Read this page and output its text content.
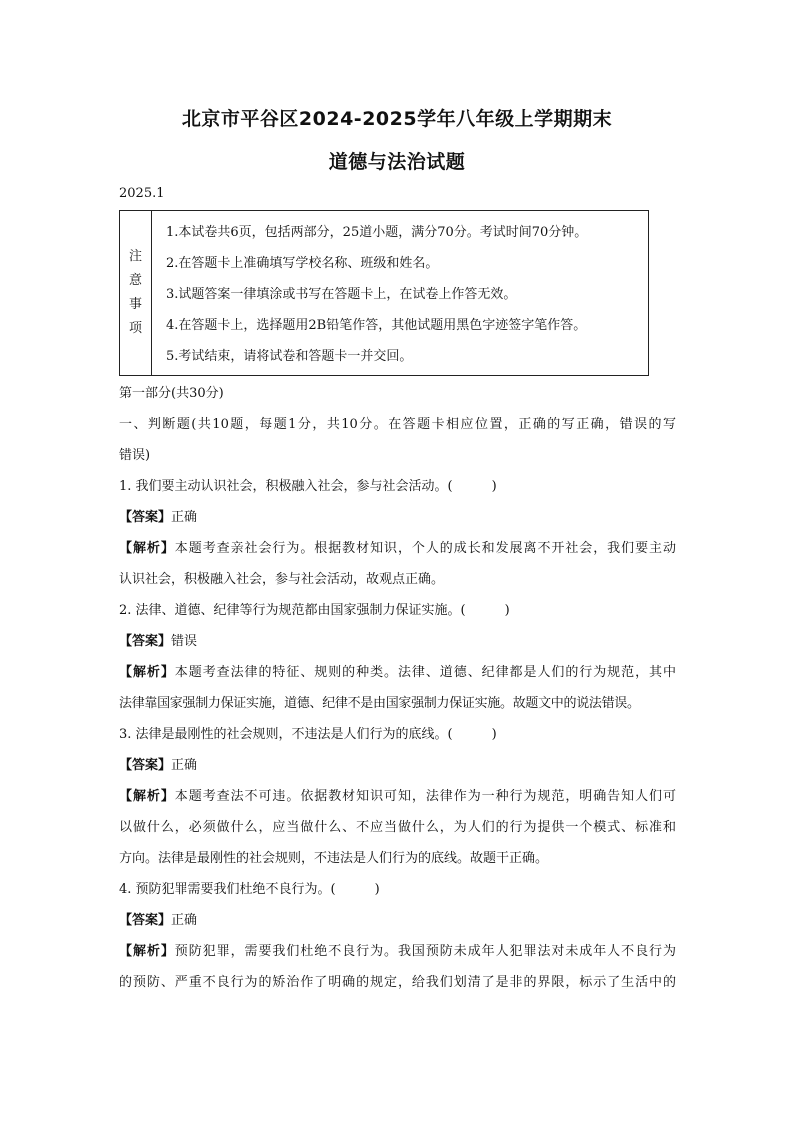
北京市平谷区2024-2025学年八年级上学期期末
道德与法治试题
2025.1
注
意
事
项
1.本试卷共6页，包括两部分，25道小题，满分70分。考试时间70分钟。
2.在答题卡上准确填写学校名称、班级和姓名。
3.试题答案一律填涂或书写在答题卡上，在试卷上作答无效。
4.在答题卡上，选择题用2B铅笔作答，其他试题用黑色字迹签字笔作答。
5.考试结束，请将试卷和答题卡一并交回。
第一部分(共30分)
一、判断题(共10题，每题1分，共10分。在答题卡相应位置，正确的写正确，错误的写
错误)
1. 我们要主动认识社会，积极融入社会，参与社会活动。(　　　)
【答案】正确
【解析】本题考查亲社会行为。根据教材知识，个人的成长和发展离不开社会，我们要主动
认识社会，积极融入社会，参与社会活动，故观点正确。
2. 法律、道德、纪律等行为规范都由国家强制力保证实施。(　　　)
【答案】错误
【解析】本题考查法律的特征、规则的种类。法律、道德、纪律都是人们的行为规范，其中
法律靠国家强制力保证实施，道德、纪律不是由国家强制力保证实施。故题文中的说法错误。
3. 法律是最刚性的社会规则，不违法是人们行为的底线。(　　　)
【答案】正确
【解析】本题考查法不可违。依据教材知识可知，法律作为一种行为规范，明确告知人们可
以做什么，必须做什么，应当做什么、不应当做什么，为人们的行为提供一个模式、标准和
方向。法律是最刚性的社会规则，不违法是人们行为的底线。故题干正确。
4. 预防犯罪需要我们杜绝不良行为。(　　　)
【答案】正确
【解析】预防犯罪，需要我们杜绝不良行为。我国预防未成年人犯罪法对未成年人不良行为
的预防、严重不良行为的矫治作了明确的规定，给我们划清了是非的界限，标示了生活中的
